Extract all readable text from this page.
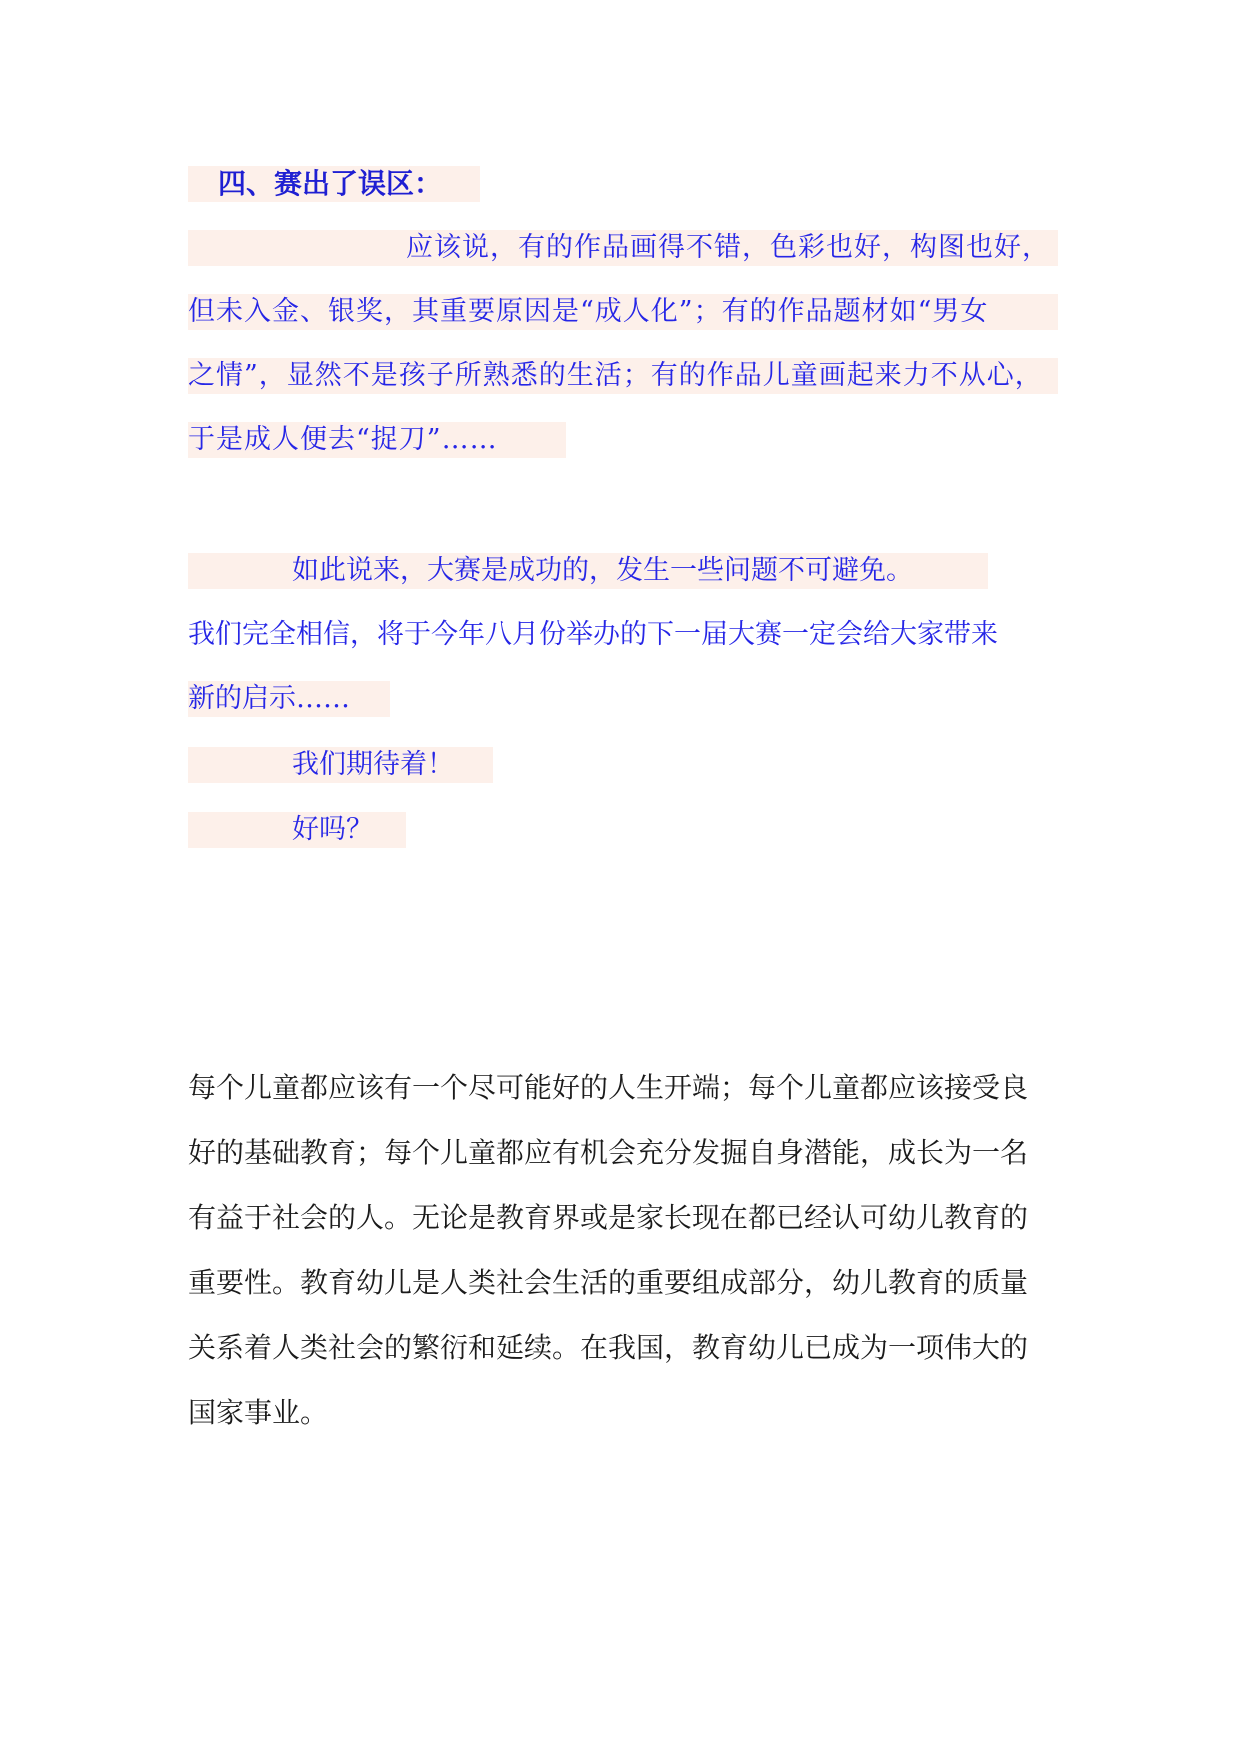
四、赛出了误区：
应该说，有的作品画得不错，色彩也好，构图也好，
但未入金、银奖，其重要原因是“成人化”；有的作品题材如“男女
之情”，显然不是孩子所熟悉的生活；有的作品儿童画起来力不从心，
于是成人便去“捉刀”……
如此说来，大赛是成功的，发生一些问题不可避免。
我们完全相信，将于今年八月份举办的下一届大赛一定会给大家带来
新的启示……
我们期待着！
好吗？
每个儿童都应该有一个尽可能好的人生开端；每个儿童都应该接受良
好的基础教育；每个儿童都应有机会充分发掘自身潜能，成长为一名
有益于社会的人。无论是教育界或是家长现在都已经认可幼儿教育的
重要性。教育幼儿是人类社会生活的重要组成部分，幼儿教育的质量
关系着人类社会的繁衍和延续。在我国，教育幼儿已成为一项伟大的
国家事业。
